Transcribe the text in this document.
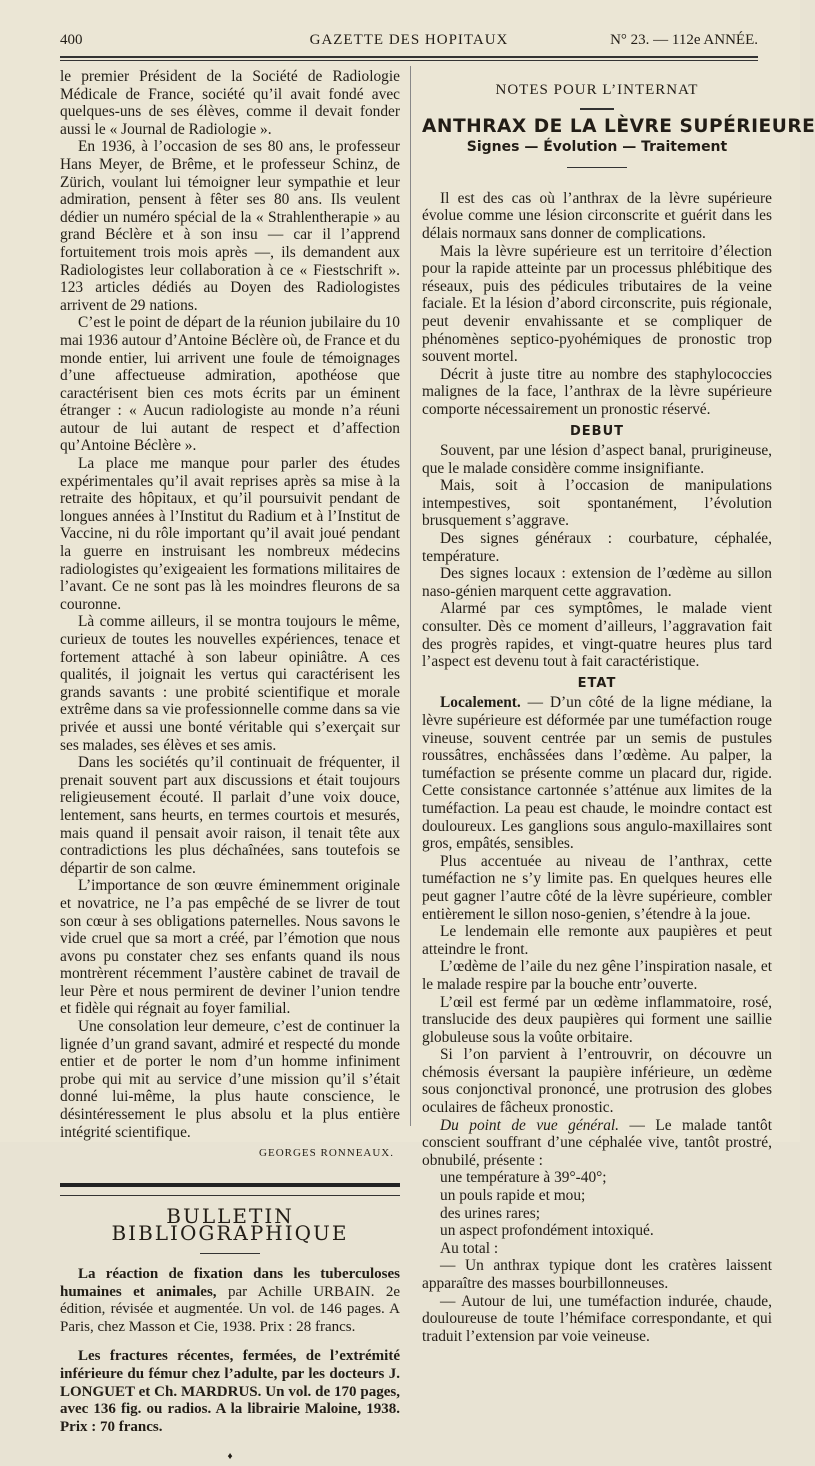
400	GAZETTE DES HOPITAUX	N° 23. — 112e ANNÉE.

le premier Président de la Société de Radiologie Médicale de France, société qu’il avait fondé avec quelques-uns de ses élèves, comme il devait fonder aussi le « Journal de Radiologie ».

En 1936, à l’occasion de ses 80 ans, le professeur Hans Meyer, de Brême, et le professeur Schinz, de Zürich, voulant lui témoigner leur sympathie et leur admiration, pensent à fêter ses 80 ans. Ils veulent dédier un numéro spécial de la « Strahlentherapie » au grand Béclère et à son insu — car il l’apprend fortuitement trois mois après —, ils demandent aux Radiologistes leur collaboration à ce « Fiestschrift ». 123 articles dédiés au Doyen des Radiologistes arrivent de 29 nations.

C’est le point de départ de la réunion jubilaire du 10 mai 1936 autour d’Antoine Béclère où, de France et du monde entier, lui arrivent une foule de témoignages d’une affectueuse admiration, apothéose que caractérisent bien ces mots écrits par un éminent étranger : « Aucun radiologiste au monde n’a réuni autour de lui autant de respect et d’affection qu’Antoine Béclère ».

La place me manque pour parler des études expérimentales qu’il avait reprises après sa mise à la retraite des hôpitaux, et qu’il poursuivit pendant de longues années à l’Institut du Radium et à l’Institut de Vaccine, ni du rôle important qu’il avait joué pendant la guerre en instruisant les nombreux médecins radiologistes qu’exigeaient les formations militaires de l’avant. Ce ne sont pas là les moindres fleurons de sa couronne.

Là comme ailleurs, il se montra toujours le même, curieux de toutes les nouvelles expériences, tenace et fortement attaché à son labeur opiniâtre. A ces qualités, il joignait les vertus qui caractérisent les grands savants : une probité scientifique et morale extrême dans sa vie professionnelle comme dans sa vie privée et aussi une bonté véritable qui s’exerçait sur ses malades, ses élèves et ses amis.

Dans les sociétés qu’il continuait de fréquenter, il prenait souvent part aux discussions et était toujours religieusement écouté. Il parlait d’une voix douce, lentement, sans heurts, en termes courtois et mesurés, mais quand il pensait avoir raison, il tenait tête aux contradictions les plus déchaînées, sans toutefois se départir de son calme.

L’importance de son œuvre éminemment originale et novatrice, ne l’a pas empêché de se livrer de tout son cœur à ses obligations paternelles. Nous savons le vide cruel que sa mort a créé, par l’émotion que nous avons pu constater chez ses enfants quand ils nous montrèrent récemment l’austère cabinet de travail de leur Père et nous permirent de deviner l’union tendre et fidèle qui régnait au foyer familial.

Une consolation leur demeure, c’est de continuer la lignée d’un grand savant, admiré et respecté du monde entier et de porter le nom d’un homme infiniment probe qui mit au service d’une mission qu’il s’était donné lui-même, la plus haute conscience, le désintéressement le plus absolu et la plus entière intégrité scientifique.

GEORGES RONNEAUX.
BULLETIN BIBLIOGRAPHIQUE

La réaction de fixation dans les tuberculoses humaines et animales, par Achille URBAIN. 2e édition, révisée et augmentée. Un vol. de 146 pages. A Paris, chez Masson et Cie, 1938. Prix : 28 francs.

Les fractures récentes, fermées, de l’extrémité inférieure du fémur chez l’adulte, par les docteurs J. LONGUET et Ch. MARDRUS. Un vol. de 170 pages, avec 136 fig. ou radios. A la librairie Maloine, 1938. Prix : 70 francs.

♦
NOTES POUR L’INTERNAT
ANTHRAX DE LA LÈVRE SUPÉRIEURE
Signes — Évolution — Traitement

Il est des cas où l’anthrax de la lèvre supérieure évolue comme une lésion circonscrite et guérit dans les délais normaux sans donner de complications.

Mais la lèvre supérieure est un territoire d’élection pour la rapide atteinte par un processus phlébitique des réseaux, puis des pédicules tributaires de la veine faciale. Et la lésion d’abord circonscrite, puis régionale, peut devenir envahissante et se compliquer de phénomènes septico-pyohémiques de pronostic trop souvent mortel.

Décrit à juste titre au nombre des staphylococcies malignes de la face, l’anthrax de la lèvre supérieure comporte nécessairement un pronostic réservé.

DEBUT

Souvent, par une lésion d’aspect banal, prurigineuse, que le malade considère comme insignifiante.

Mais, soit à l’occasion de manipulations intempestives, soit spontanément, l’évolution brusquement s’aggrave.

Des signes généraux : courbature, céphalée, température.

Des signes locaux : extension de l’œdème au sillon naso-génien marquent cette aggravation.

Alarmé par ces symptômes, le malade vient consulter. Dès ce moment d’ailleurs, l’aggravation fait des progrès rapides, et vingt-quatre heures plus tard l’aspect est devenu tout à fait caractéristique.

ETAT

Localement. — D’un côté de la ligne médiane, la lèvre supérieure est déformée par une tuméfaction rouge vineuse, souvent centrée par un semis de pustules roussâtres, enchâssées dans l’œdème. Au palper, la tuméfaction se présente comme un placard dur, rigide. Cette consistance cartonnée s’atténue aux limites de la tuméfaction. La peau est chaude, le moindre contact est douloureux. Les ganglions sous angulo-maxillaires sont gros, empâtés, sensibles.

Plus accentuée au niveau de l’anthrax, cette tuméfaction ne s’y limite pas. En quelques heures elle peut gagner l’autre côté de la lèvre supérieure, combler entièrement le sillon noso-genien, s’étendre à la joue.

Le lendemain elle remonte aux paupières et peut atteindre le front.

L’œdème de l’aile du nez gêne l’inspiration nasale, et le malade respire par la bouche entr’ouverte.

L’œil est fermé par un œdème inflammatoire, rosé, translucide des deux paupières qui forment une saillie globuleuse sous la voûte orbitaire.

Si l’on parvient à l’entrouvrir, on découvre un chémosis éversant la paupière inférieure, un œdème sous conjonctival prononcé, une protrusion des globes oculaires de fâcheux pronostic.

Du point de vue général. — Le malade tantôt conscient souffrant d’une céphalée vive, tantôt prostré, obnubilé, présente :

une température à 39°-40°;

un pouls rapide et mou;

des urines rares;

un aspect profondément intoxiqué.

Au total :

— Un anthrax typique dont les cratères laissent apparaître des masses bourbillonneuses.

— Autour de lui, une tuméfaction indurée, chaude, douloureuse de toute l’hémiface correspondante, et qui traduit l’extension par voie veineuse.
